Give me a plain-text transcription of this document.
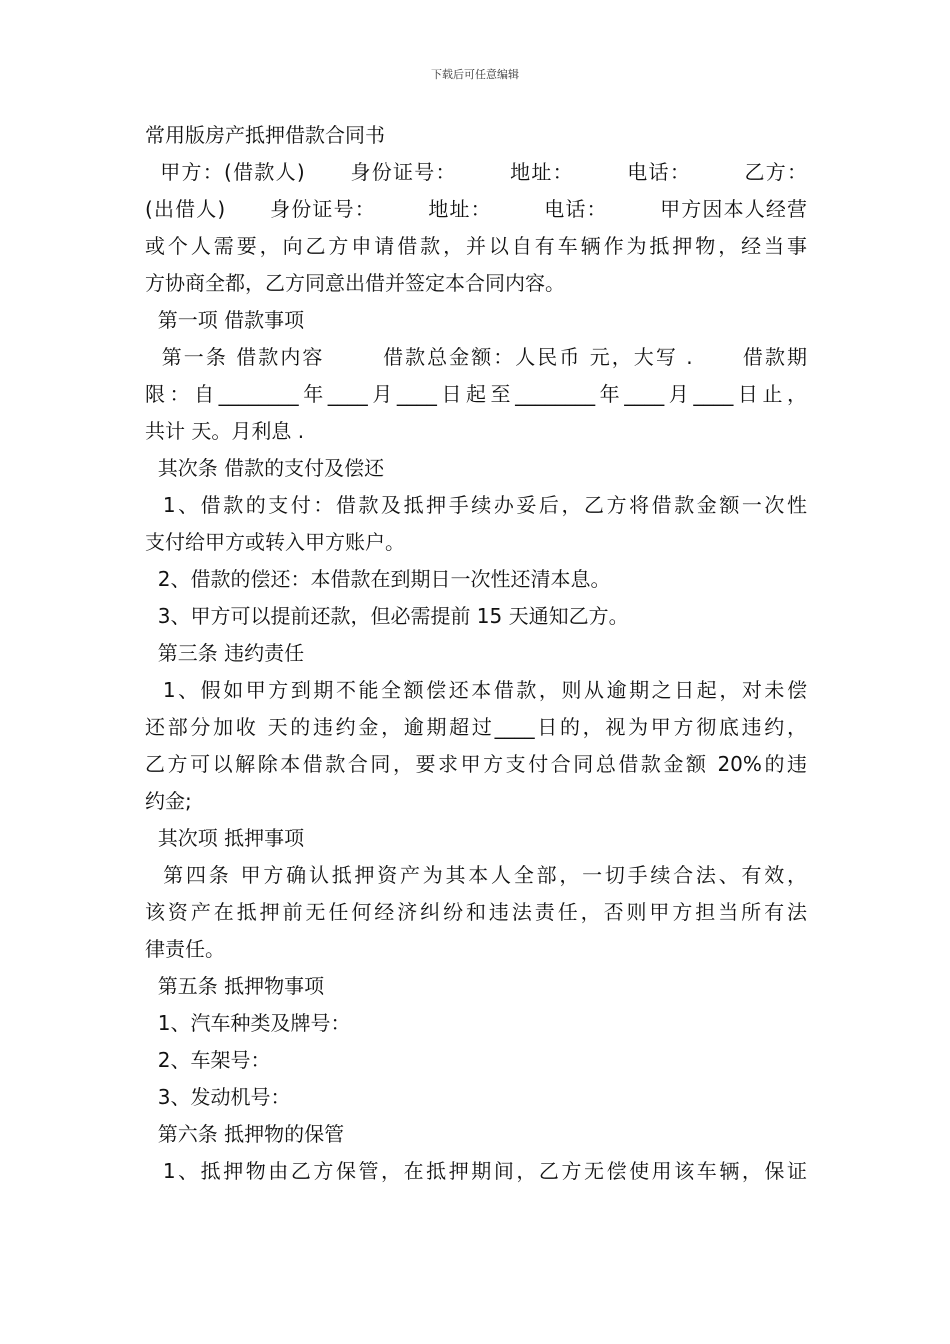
下载后可任意编辑
常用版房产抵押借款合同书
甲方：(借款人)      身份证号：       地址：       电话：       乙方：
(出借人)      身份证号：       地址：       电话：       甲方因本人经营
或个人需要，向乙方申请借款，并以自有车辆作为抵押物，经当事
方协商全都，乙方同意出借并签定本合同内容。
第一项 借款事项
第一条 借款内容       借款总金额：人民币 元，大写 .      借款期
限：自________年____月____日起至________年____月____日止，
共计 天。月利息 .
其次条 借款的支付及偿还
1、借款的支付：借款及抵押手续办妥后，乙方将借款金额一次性
支付给甲方或转入甲方账户。
2、借款的偿还：本借款在到期日一次性还清本息。
3、甲方可以提前还款，但必需提前 15 天通知乙方。
第三条 违约责任
1、假如甲方到期不能全额偿还本借款，则从逾期之日起，对未偿
还部分加收 天的违约金，逾期超过____日的，视为甲方彻底违约，
乙方可以解除本借款合同，要求甲方支付合同总借款金额 20%的违
约金;
其次项 抵押事项
第四条 甲方确认抵押资产为其本人全部，一切手续合法、有效，
该资产在抵押前无任何经济纠纷和违法责任，否则甲方担当所有法
律责任。
第五条 抵押物事项
1、汽车种类及牌号：
2、车架号：
3、发动机号：
第六条 抵押物的保管
1、抵押物由乙方保管，在抵押期间，乙方无偿使用该车辆，保证
